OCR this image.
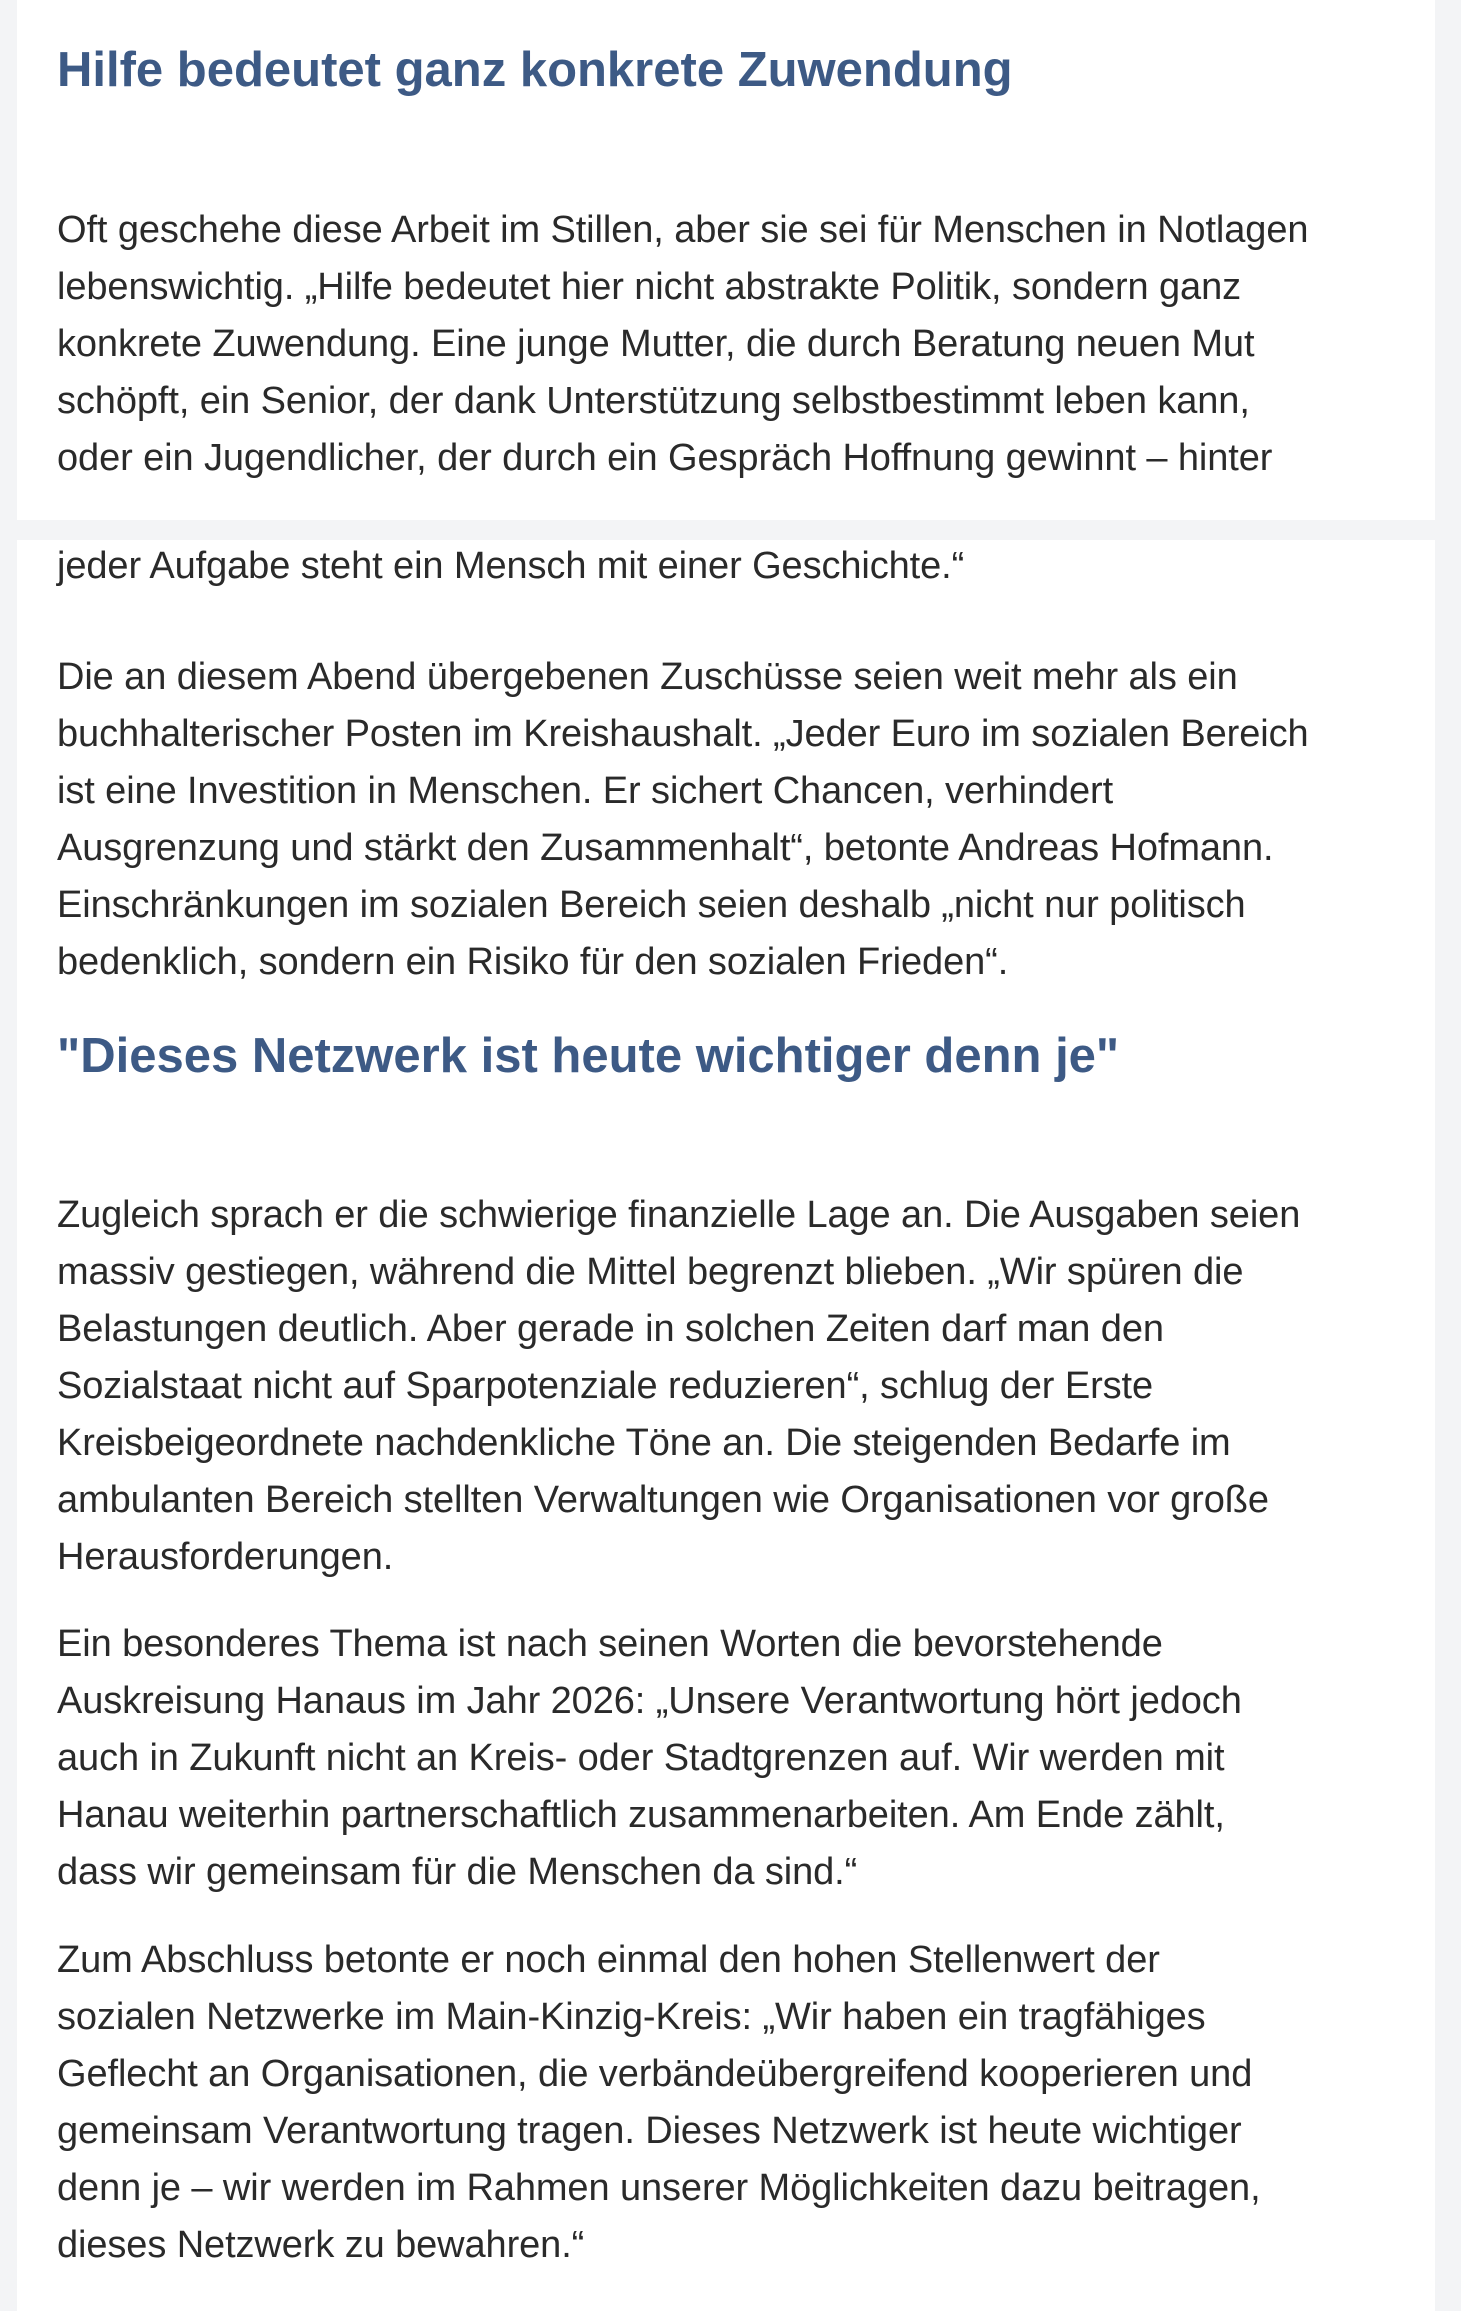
Hilfe bedeutet ganz konkrete Zuwendung

Oft geschehe diese Arbeit im Stillen, aber sie sei für Menschen in Notlagen
lebenswichtig. „Hilfe bedeutet hier nicht abstrakte Politik, sondern ganz
konkrete Zuwendung. Eine junge Mutter, die durch Beratung neuen Mut
schöpft, ein Senior, der dank Unterstützung selbstbestimmt leben kann,
oder ein Jugendlicher, der durch ein Gespräch Hoffnung gewinnt – hinter

jeder Aufgabe steht ein Mensch mit einer Geschichte.“

Die an diesem Abend übergebenen Zuschüsse seien weit mehr als ein
buchhalterischer Posten im Kreishaushalt. „Jeder Euro im sozialen Bereich
ist eine Investition in Menschen. Er sichert Chancen, verhindert
Ausgrenzung und stärkt den Zusammenhalt“, betonte Andreas Hofmann.
Einschränkungen im sozialen Bereich seien deshalb „nicht nur politisch
bedenklich, sondern ein Risiko für den sozialen Frieden“.

"Dieses Netzwerk ist heute wichtiger denn je"

Zugleich sprach er die schwierige finanzielle Lage an. Die Ausgaben seien
massiv gestiegen, während die Mittel begrenzt blieben. „Wir spüren die
Belastungen deutlich. Aber gerade in solchen Zeiten darf man den
Sozialstaat nicht auf Sparpotenziale reduzieren“, schlug der Erste
Kreisbeigeordnete nachdenkliche Töne an. Die steigenden Bedarfe im
ambulanten Bereich stellten Verwaltungen wie Organisationen vor große
Herausforderungen.

Ein besonderes Thema ist nach seinen Worten die bevorstehende
Auskreisung Hanaus im Jahr 2026: „Unsere Verantwortung hört jedoch
auch in Zukunft nicht an Kreis- oder Stadtgrenzen auf. Wir werden mit
Hanau weiterhin partnerschaftlich zusammenarbeiten. Am Ende zählt,
dass wir gemeinsam für die Menschen da sind.“

Zum Abschluss betonte er noch einmal den hohen Stellenwert der
sozialen Netzwerke im Main-Kinzig-Kreis: „Wir haben ein tragfähiges
Geflecht an Organisationen, die verbändeübergreifend kooperieren und
gemeinsam Verantwortung tragen. Dieses Netzwerk ist heute wichtiger
denn je – wir werden im Rahmen unserer Möglichkeiten dazu beitragen,
dieses Netzwerk zu bewahren.“
